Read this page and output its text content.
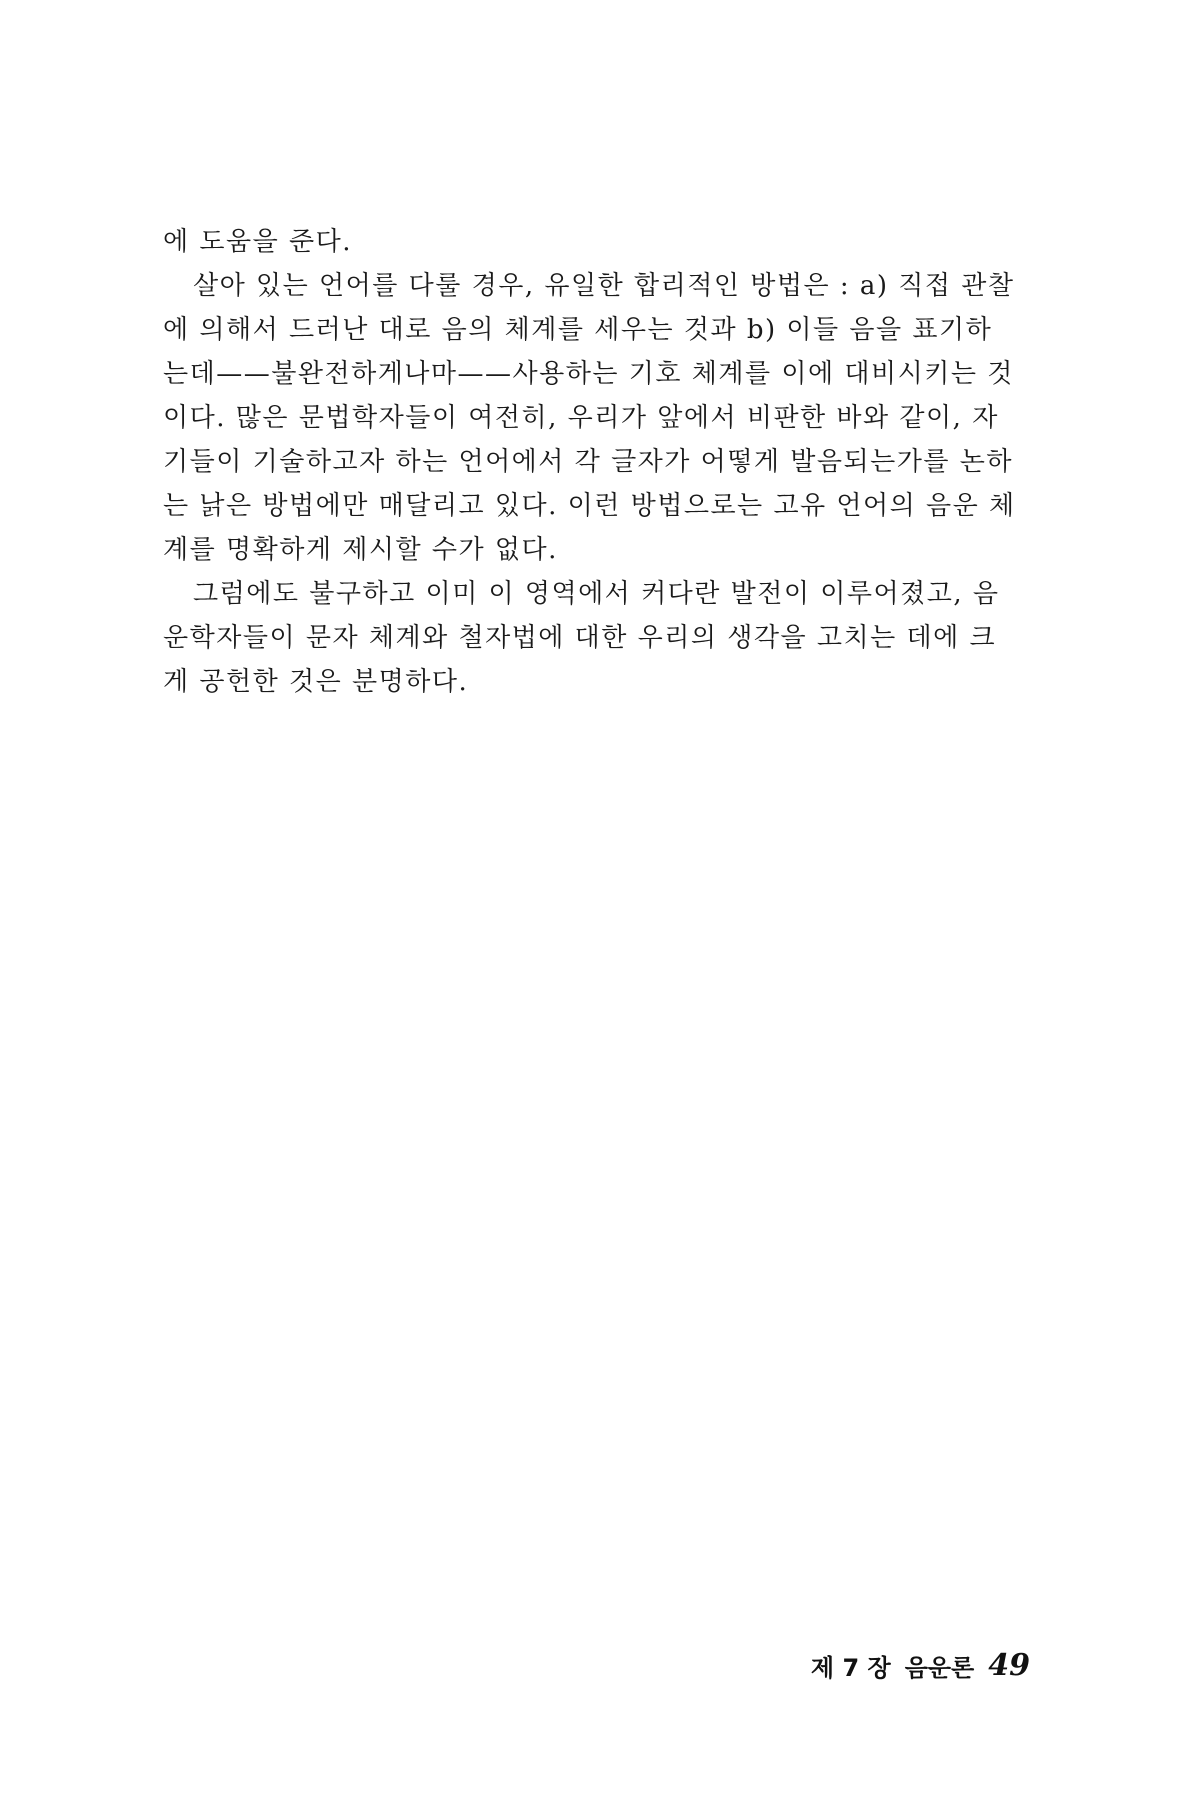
에 도움을 준다.
살아 있는 언어를 다룰 경우, 유일한 합리적인 방법은 : a) 직접 관찰
에 의해서 드러난 대로 음의 체계를 세우는 것과 b) 이들 음을 표기하
는데——불완전하게나마——사용하는 기호 체계를 이에 대비시키는 것
이다. 많은 문법학자들이 여전히, 우리가 앞에서 비판한 바와 같이, 자
기들이 기술하고자 하는 언어에서 각 글자가 어떻게 발음되는가를 논하
는 낡은 방법에만 매달리고 있다. 이런 방법으로는 고유 언어의 음운 체
계를 명확하게 제시할 수가 없다.
그럼에도 불구하고 이미 이 영역에서 커다란 발전이 이루어졌고, 음
운학자들이 문자 체계와 철자법에 대한 우리의 생각을 고치는 데에 크
게 공헌한 것은 분명하다.
제 7 장 음운론 49
